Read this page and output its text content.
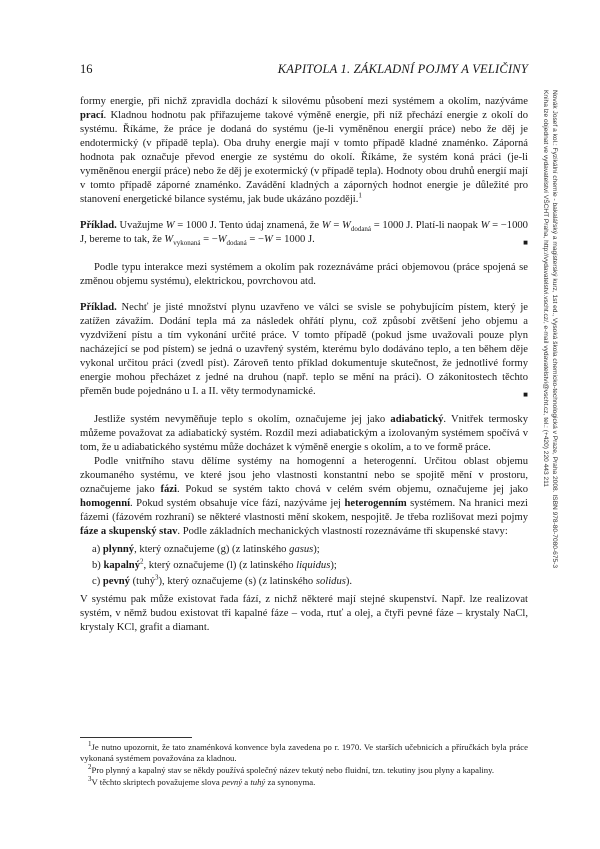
16	KAPITOLA 1. ZÁKLADNÍ POJMY A VELIČINY
Novák Josef a kol.: Fyzikální chemie - bakalářský a magisterský kurz, 1st ed., Vysoká škola chemicko-technologická v Praze, Praha 2008. ISBN 978-80-7080-675-3
Kniha lze objednat ve vydavatelství VŠCHT Praha, http://vydavatelstvi.vscht.cz/, e-mail vydavatelstvi@vscht.cz, tel.: (+420) 220 443 211

formy energie, při nichž zpravidla dochází k silovému působení mezi systémem a okolím, nazýváme prací. Kladnou hodnotu pak přiřazujeme takové výměně energie, při níž přechází energie z okolí do systému. Říkáme, že práce je dodaná do systému (je-li vyměněnou energií práce) nebo že děj je endotermický (v případě tepla). Oba druhy energie mají v tomto případě kladné znaménko. Záporná hodnota pak označuje převod energie ze systému do okolí. Říkáme, že systém koná práci (je-li vyměněnou energií práce) nebo že děj je exotermický (v případě tepla). Hodnoty obou druhů energií mají v tomto případě záporné znaménko. Zavádění kladných a záporných hodnot energie je důležité pro stanovení energetické bilance systému, jak bude ukázáno později.$^1$

Příklad. Uvažujme W = 1000 J. Tento údaj znamená, že $W = W_{dodaná} = 1000$ J. Platí-li naopak W = −1000 J, bereme to tak, že $W_{vykonaná} = -W_{dodaná} = -W = 1000$ J.	■

Podle typu interakce mezi systémem a okolím pak rozeznáváme práci objemovou (práce spojená se změnou objemu systému), elektrickou, povrchovou atd.

Příklad. Nechť je jisté množství plynu uzavřeno ve válci se svisle se pohybujícím pístem, který je zatížen závažím. Dodání tepla má za následek ohřátí plynu, což způsobí zvětšení jeho objemu a vyzdvižení pístu a tím vykonání určité práce. V tomto případě (pokud jsme uvažovali pouze plyn nacházející se pod pístem) se jedná o uzavřený systém, kterému bylo dodáváno teplo, a ten během děje vykonal určitou práci (zvedl píst). Zároveň tento příklad dokumentuje skutečnost, že jednotlivé formy energie mohou přecházet z jedné na druhou (např. teplo se mění na práci). O zákonitostech těchto přeměn bude pojednáno u I. a II. věty termodynamické.	■

Jestliže systém nevyměňuje teplo s okolím, označujeme jej jako adiabatický. Vnitřek termosky můžeme považovat za adiabatický systém. Rozdíl mezi adiabatickým a izolovaným systémem spočívá v tom, že u adiabatického systému může docházet k výměně energie s okolím, a to ve formě práce.

Podle vnitřního stavu dělíme systémy na homogenní a heterogenní. Určitou oblast objemu zkoumaného systému, ve které jsou jeho vlastnosti konstantní nebo se spojitě mění v prostoru, označujeme jako fázi. Pokud se systém takto chová v celém svém objemu, označujeme jej jako homogenní. Pokud systém obsahuje více fází, nazýváme jej heterogenním systémem. Na hranici mezi fázemi (fázovém rozhraní) se některé vlastnosti mění skokem, nespojitě. Je třeba rozlišovat mezi pojmy fáze a skupenský stav. Podle základních mechanických vlastností rozeznáváme tři skupenské stavy:

a) plynný, který označujeme (g) (z latinského gasus);
b) kapalný$^2$, který označujeme (l) (z latinského liquidus);
c) pevný (tuhý$^3$), který označujeme (s) (z latinského solidus).

V systému pak může existovat řada fází, z nichž některé mají stejné skupenství. Např. lze realizovat systém, v němž budou existovat tři kapalné fáze – voda, rtuť a olej, a čtyři pevné fáze – krystaly NaCl, krystaly KCl, grafit a diamant.

$^1$Je nutno upozornit, že tato znaménková konvence byla zavedena po r. 1970. Ve starších učebnicích a příručkách byla práce vykonaná systémem považována za kladnou.

$^2$Pro plynný a kapalný stav se někdy používá společný název tekutý nebo fluidní, tzn. tekutiny jsou plyny a kapaliny.

$^3$V těchto skriptech považujeme slova pevný a tuhý za synonyma.
